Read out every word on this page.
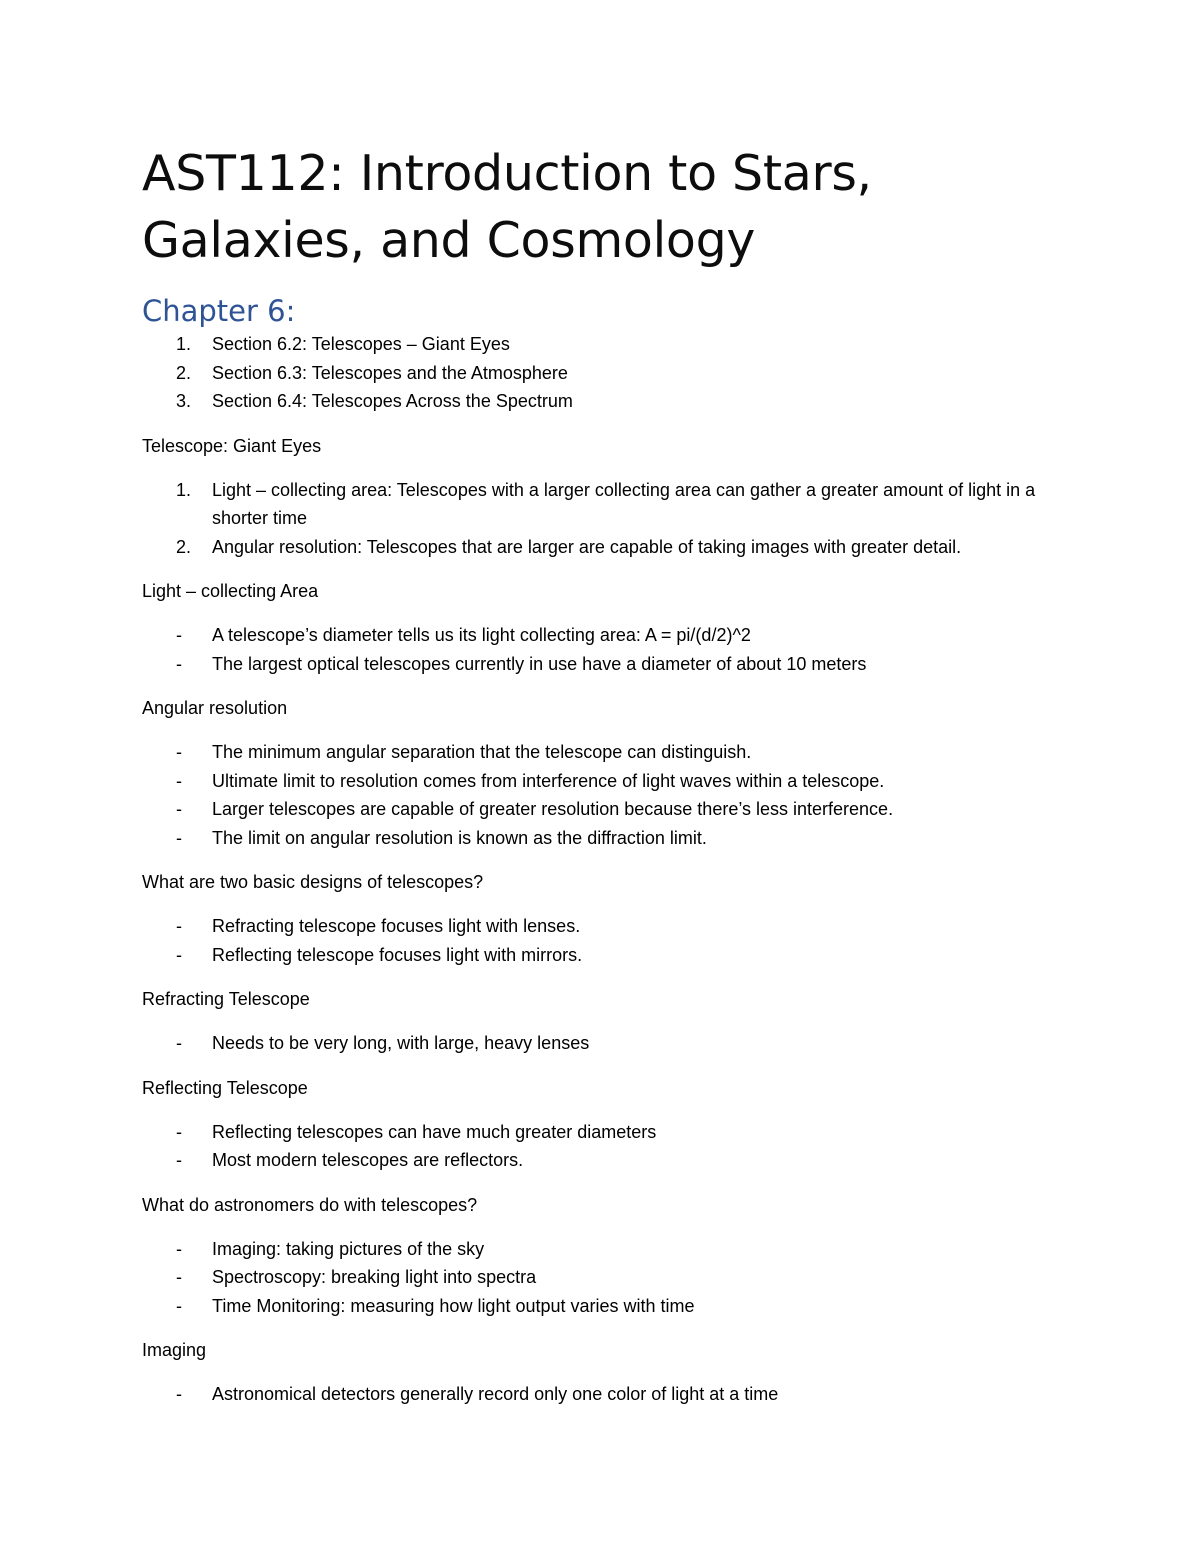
AST112: Introduction to Stars, Galaxies, and Cosmology
Chapter 6:
1.	Section 6.2: Telescopes – Giant Eyes
2.	Section 6.3: Telescopes and the Atmosphere
3.	Section 6.4: Telescopes Across the Spectrum

Telescope: Giant Eyes

1.	Light – collecting area: Telescopes with a larger collecting area can gather a greater amount of light in a shorter time
2.	Angular resolution: Telescopes that are larger are capable of taking images with greater detail.

Light – collecting Area

-	A telescope’s diameter tells us its light collecting area: A = pi/(d/2)^2
-	The largest optical telescopes currently in use have a diameter of about 10 meters

Angular resolution

-	The minimum angular separation that the telescope can distinguish.
-	Ultimate limit to resolution comes from interference of light waves within a telescope.
-	Larger telescopes are capable of greater resolution because there’s less interference.
-	The limit on angular resolution is known as the diffraction limit.

What are two basic designs of telescopes?

-	Refracting telescope focuses light with lenses.
-	Reflecting telescope focuses light with mirrors.

Refracting Telescope

-	Needs to be very long, with large, heavy lenses

Reflecting Telescope

-	Reflecting telescopes can have much greater diameters
-	Most modern telescopes are reflectors.

What do astronomers do with telescopes?

-	Imaging: taking pictures of the sky
-	Spectroscopy: breaking light into spectra
-	Time Monitoring: measuring how light output varies with time

Imaging

-	Astronomical detectors generally record only one color of light at a time
